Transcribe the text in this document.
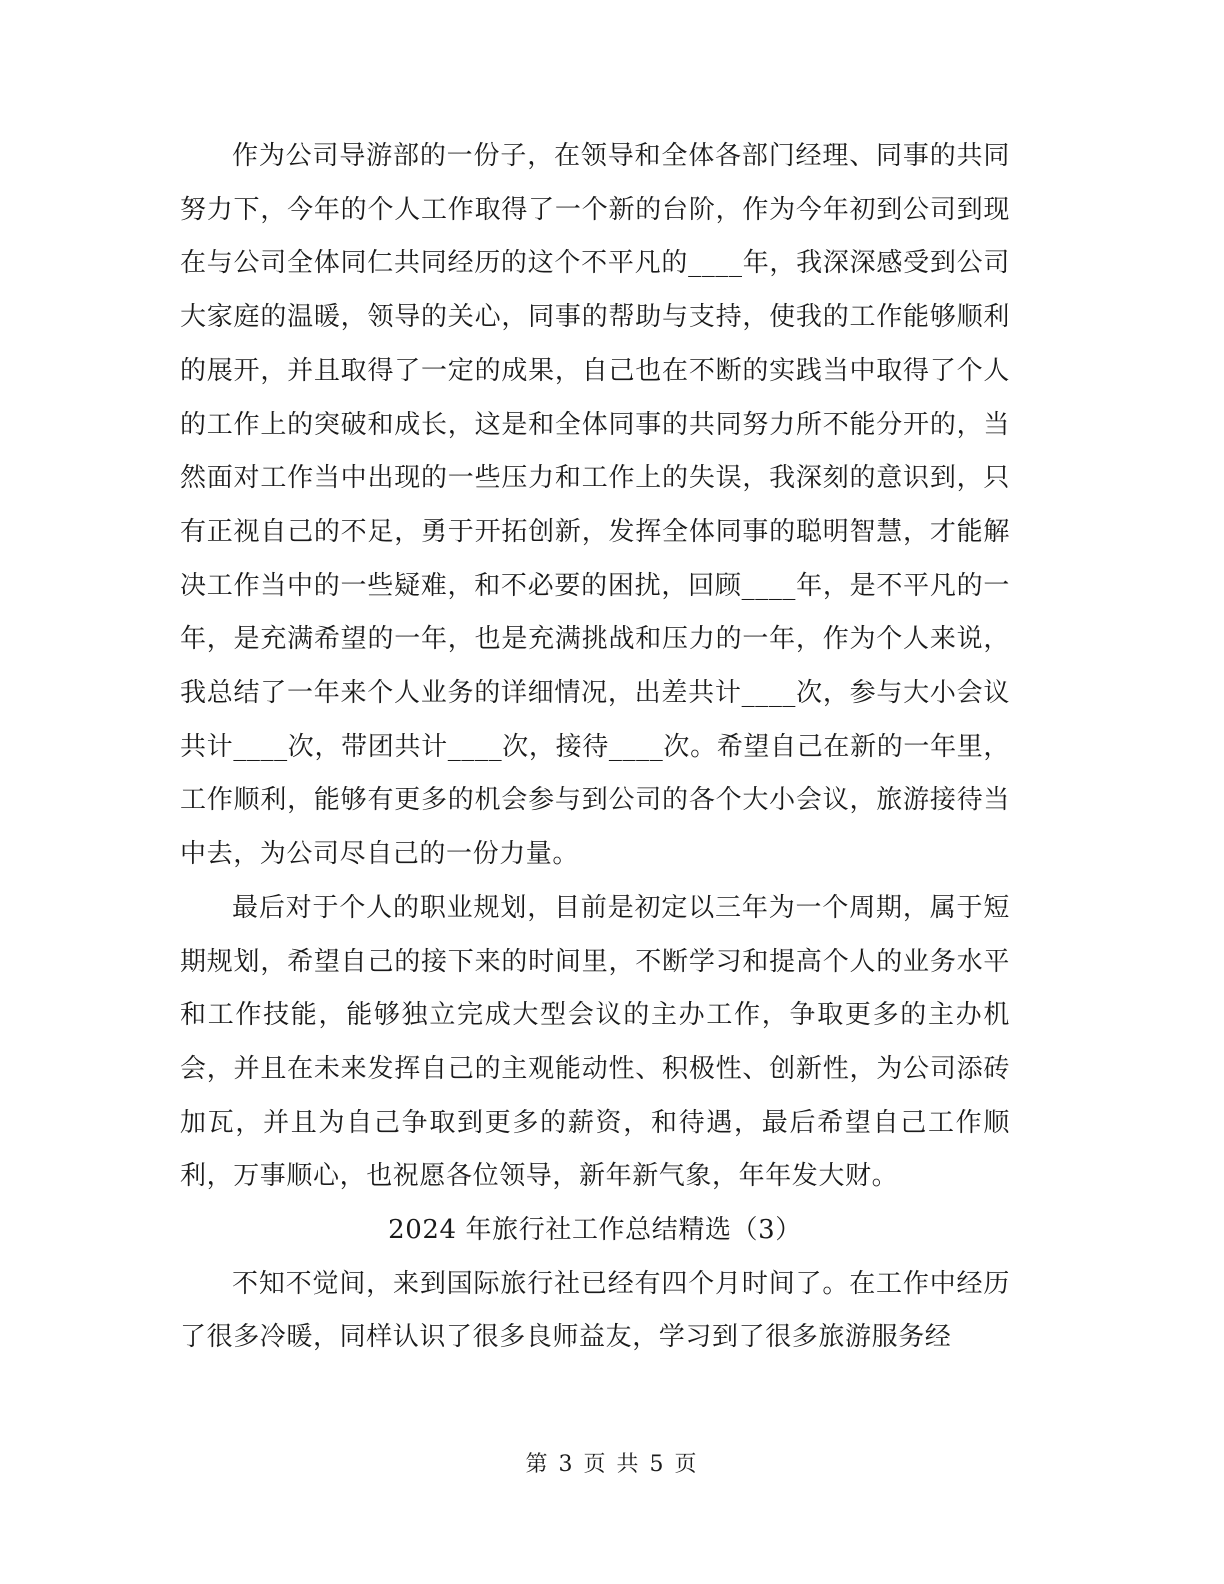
作为公司导游部的一份子，在领导和全体各部门经理、同事的共同努力下，今年的个人工作取得了一个新的台阶，作为今年初到公司到现在与公司全体同仁共同经历的这个不平凡的____年，我深深感受到公司大家庭的温暖，领导的关心，同事的帮助与支持，使我的工作能够顺利的展开，并且取得了一定的成果，自己也在不断的实践当中取得了个人的工作上的突破和成长，这是和全体同事的共同努力所不能分开的，当然面对工作当中出现的一些压力和工作上的失误，我深刻的意识到，只有正视自己的不足，勇于开拓创新，发挥全体同事的聪明智慧，才能解决工作当中的一些疑难，和不必要的困扰，回顾____年，是不平凡的一年，是充满希望的一年，也是充满挑战和压力的一年，作为个人来说，我总结了一年来个人业务的详细情况，出差共计____次，参与大小会议共计____次，带团共计____次，接待____次。希望自己在新的一年里，工作顺利，能够有更多的机会参与到公司的各个大小会议，旅游接待当中去，为公司尽自己的一份力量。

最后对于个人的职业规划，目前是初定以三年为一个周期，属于短期规划，希望自己的接下来的时间里，不断学习和提高个人的业务水平和工作技能，能够独立完成大型会议的主办工作，争取更多的主办机会，并且在未来发挥自己的主观能动性、积极性、创新性，为公司添砖加瓦，并且为自己争取到更多的薪资，和待遇，最后希望自己工作顺利，万事顺心，也祝愿各位领导，新年新气象，年年发大财。

2024 年旅行社工作总结精选（3）

不知不觉间，来到国际旅行社已经有四个月时间了。在工作中经历了很多冷暖，同样认识了很多良师益友，学习到了很多旅游服务经

第 3 页 共 5 页
